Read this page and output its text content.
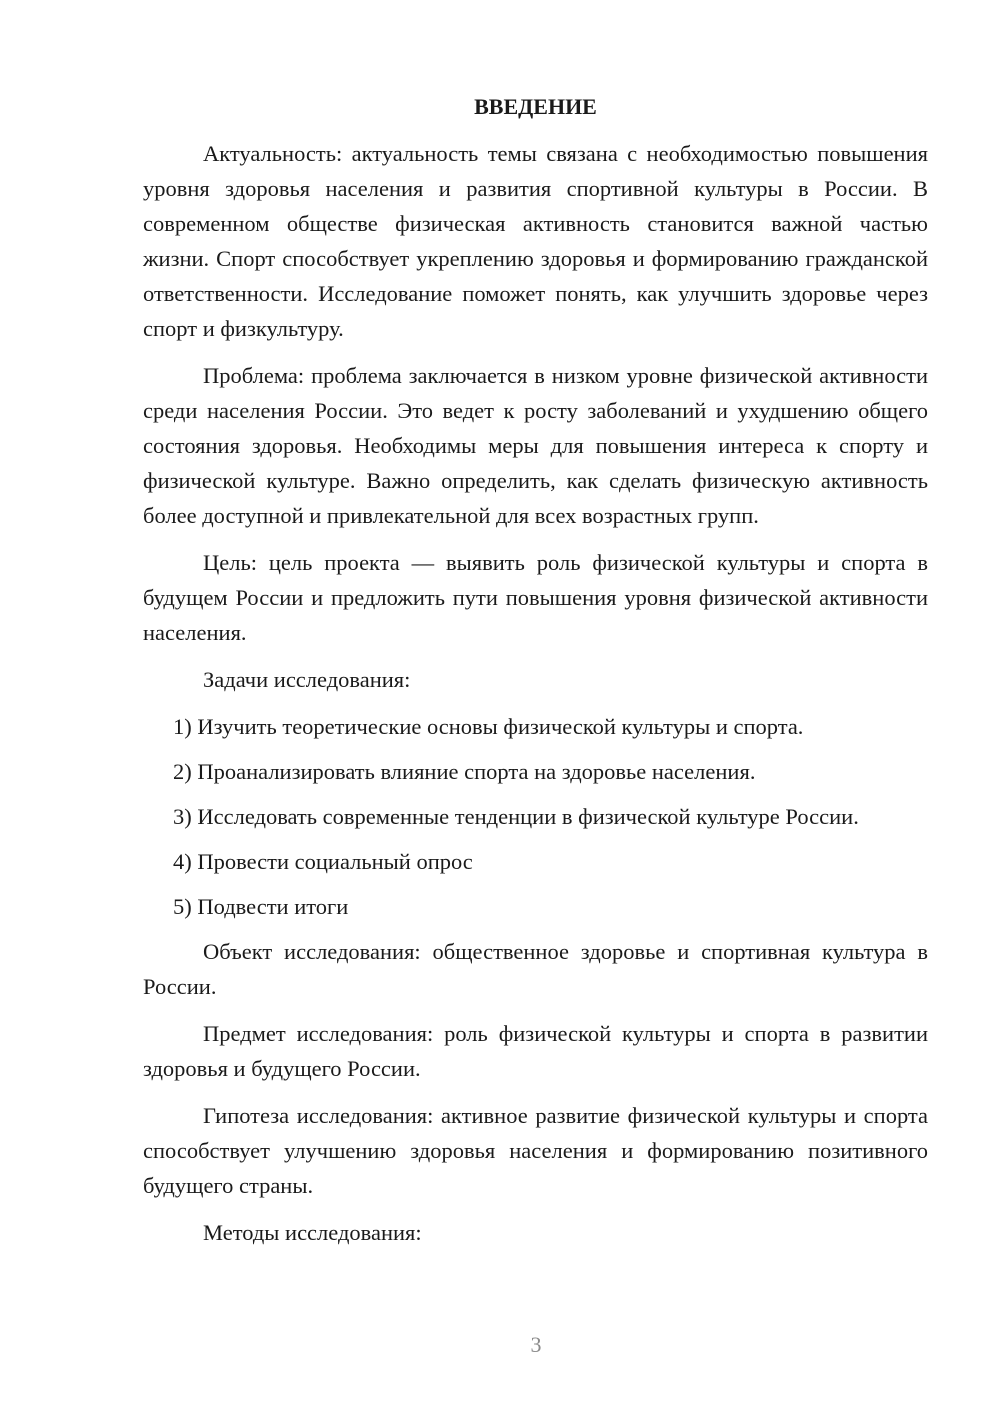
ВВЕДЕНИЕ

Актуальность: актуальность темы связана с необходимостью повышения уровня здоровья населения и развития спортивной культуры в России. В современном обществе физическая активность становится важной частью жизни. Спорт способствует укреплению здоровья и формированию гражданской ответственности. Исследование поможет понять, как улучшить здоровье через спорт и физкультуру.

Проблема: проблема заключается в низком уровне физической активности среди населения России. Это ведет к росту заболеваний и ухудшению общего состояния здоровья. Необходимы меры для повышения интереса к спорту и физической культуре. Важно определить, как сделать физическую активность более доступной и привлекательной для всех возрастных групп.

Цель: цель проекта — выявить роль физической культуры и спорта в будущем России и предложить пути повышения уровня физической активности населения.

Задачи исследования:

1) Изучить теоретические основы физической культуры и спорта.
2) Проанализировать влияние спорта на здоровье населения.
3) Исследовать современные тенденции в физической культуре России.
4) Провести социальный опрос
5) Подвести итоги

Объект исследования: общественное здоровье и спортивная культура в России.

Предмет исследования: роль физической культуры и спорта в развитии здоровья и будущего России.

Гипотеза исследования: активное развитие физической культуры и спорта способствует улучшению здоровья населения и формированию позитивного будущего страны.

Методы исследования:

3
